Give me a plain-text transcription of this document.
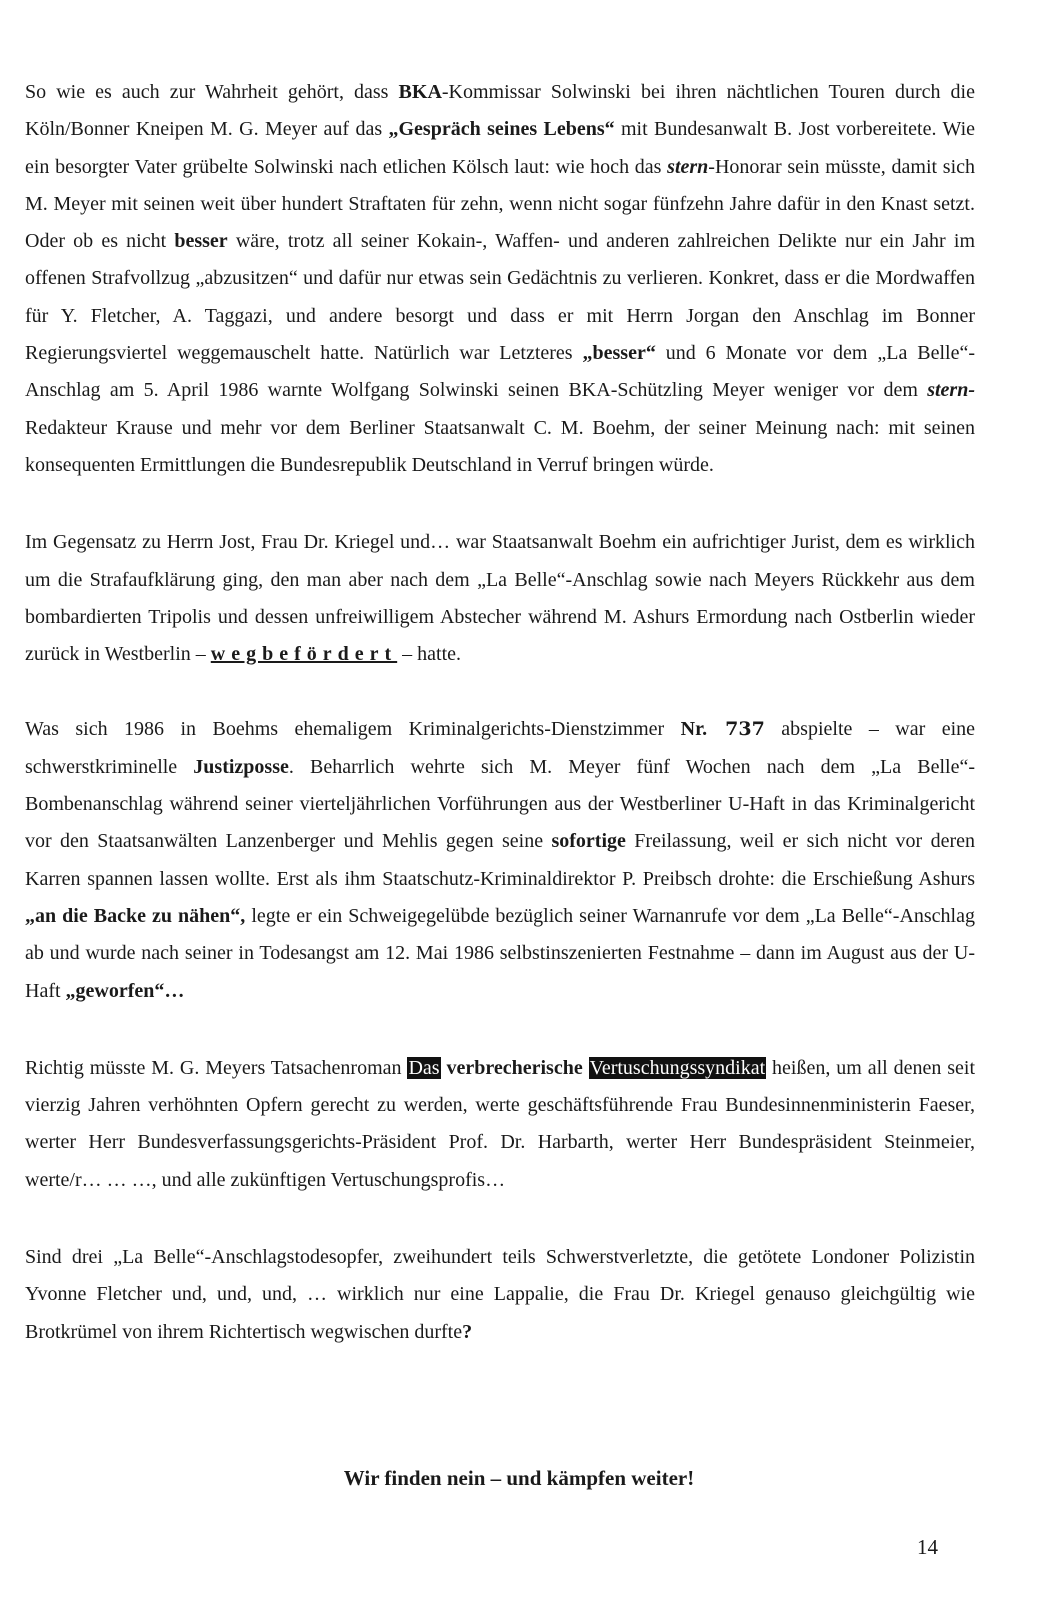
So wie es auch zur Wahrheit gehört, dass BKA-Kommissar Solwinski bei ihren nächtlichen Touren durch die Köln/Bonner Kneipen M. G. Meyer auf das „Gespräch seines Lebens“ mit Bundesanwalt B. Jost vorbereitete. Wie ein besorgter Vater grübelte Solwinski nach etlichen Kölsch laut: wie hoch das stern-Honorar sein müsste, damit sich M. Meyer mit seinen weit über hundert Straftaten für zehn, wenn nicht sogar fünfzehn Jahre dafür in den Knast setzt. Oder ob es nicht besser wäre, trotz all seiner Kokain-, Waffen- und anderen zahlreichen Delikte nur ein Jahr im offenen Strafvollzug „abzusitzen“ und dafür nur etwas sein Gedächtnis zu verlieren. Konkret, dass er die Mordwaffen für Y. Fletcher, A. Taggazi, und andere besorgt und dass er mit Herrn Jorgan den Anschlag im Bonner Regierungsviertel weggemauschelt hatte. Natürlich war Letzteres „besser“ und 6 Monate vor dem „La Belle“-Anschlag am 5. April 1986 warnte Wolfgang Solwinski seinen BKA-Schützling Meyer weniger vor dem stern- Redakteur Krause und mehr vor dem Berliner Staatsanwalt C. M. Boehm, der seiner Meinung nach: mit seinen konsequenten Ermittlungen die Bundesrepublik Deutschland in Verruf bringen würde.

Im Gegensatz zu Herrn Jost, Frau Dr. Kriegel und… war Staatsanwalt Boehm ein aufrichtiger Jurist, dem es wirklich um die Strafaufklärung ging, den man aber nach dem „La Belle“-Anschlag sowie nach Meyers Rückkehr aus dem bombardierten Tripolis und dessen unfreiwilligem Abstecher während M. Ashurs Ermordung nach Ostberlin wieder zurück in Westberlin – wegbefördert – hatte.

Was sich 1986 in Boehms ehemaligem Kriminalgerichts-Dienstzimmer Nr. 737 abspielte – war eine schwerstkriminelle Justizposse. Beharrlich wehrte sich M. Meyer fünf Wochen nach dem „La Belle“-Bombenanschlag während seiner vierteljährlichen Vorführungen aus der Westberliner U-Haft in das Kriminalgericht vor den Staatsanwälten Lanzenberger und Mehlis gegen seine sofortige Freilassung, weil er sich nicht vor deren Karren spannen lassen wollte. Erst als ihm Staatschutz-Kriminaldirektor P. Preibsch drohte: die Erschießung Ashurs „an die Backe zu nähen“, legte er ein Schweigegelübde bezüglich seiner Warnanrufe vor dem „La Belle“-Anschlag ab und wurde nach seiner in Todesangst am 12. Mai 1986 selbstinszenierten Festnahme – dann im August aus der U-Haft „geworfen“…

Richtig müsste M. G. Meyers Tatsachenroman Das verbrecherische Vertuschungssyndikat heißen, um all denen seit vierzig Jahren verhöhnten Opfern gerecht zu werden, werte geschäftsführende Frau Bundesinnenministerin Faeser, werter Herr Bundesverfassungsgerichts-Präsident Prof. Dr. Harbarth, werter Herr Bundespräsident Steinmeier, werte/r… … …, und alle zukünftigen Vertuschungsprofis…

Sind drei „La Belle“-Anschlagstodesopfer, zweihundert teils Schwerstverletzte, die getötete Londoner Polizistin Yvonne Fletcher und, und, und, … wirklich nur eine Lappalie, die Frau Dr. Kriegel genauso gleichgültig wie Brotkrümel von ihrem Richtertisch wegwischen durfte?

Wir finden nein – und kämpfen weiter!
14
